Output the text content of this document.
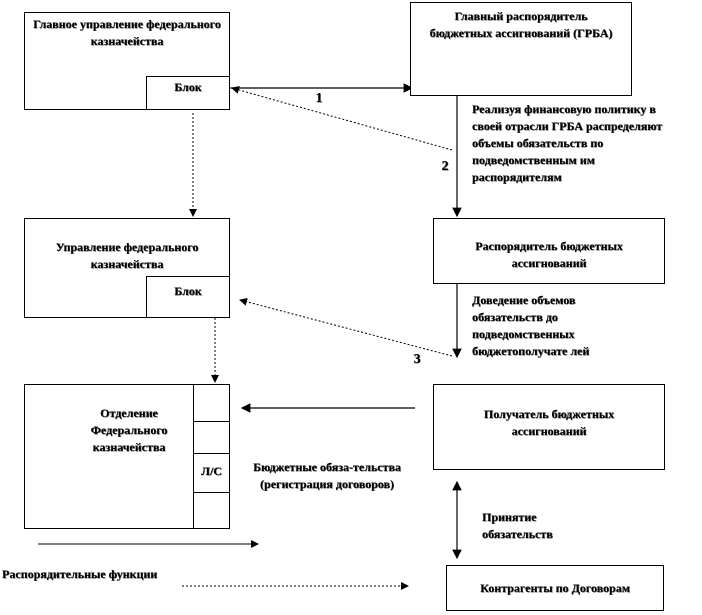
Главное управление федерального казначейства
Блок
Главный распорядитель бюджетных ассигнований (ГРБА)
Управление федерального казначейства
Блок
Распорядитель бюджетных ассигнований
Отделение Федерального казначейства
Л/С
Получатель бюджетных ассигнований
Контрагенты по Договорам
1
2
3
Реализуя финансовую политику в своей отрасли ГРБА распределяют объемы обязательств по подведомственным им распорядителям
Доведение объемов обязательств до подведомственных бюджетополучате лей
Бюджетные обяза-тельства (регистрация договоров)
Принятие обязательств
Распорядительные функции
